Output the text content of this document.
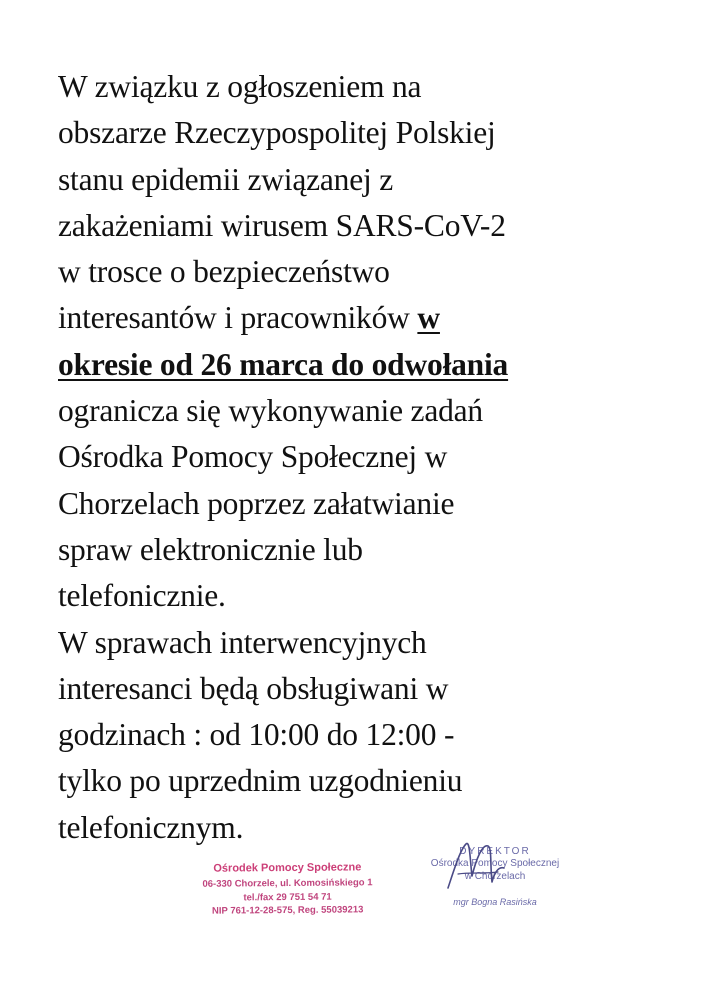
W związku z ogłoszeniem na
obszarze Rzeczypospolitej Polskiej
stanu epidemii związanej z
zakażeniami wirusem SARS-CoV-2
w trosce o bezpieczeństwo
interesantów i pracowników w
okresie od 26 marca do odwołania
ogranicza się wykonywanie zadań
Ośrodka Pomocy Społecznej w
Chorzelach poprzez załatwianie
spraw elektronicznie lub
telefonicznie.
W sprawach interwencyjnych
interesanci będą obsługiwani w
godzinach : od 10:00 do 12:00 -
tylko po uprzednim uzgodnieniu
telefonicznym.
Ośrodek Pomocy Społeczne
06-330 Chorzele, ul. Komosińskiego 1
tel./fax 29 751 54 71
NIP 761-12-28-575, Reg. 55039213
DYREKTOR
Ośrodka Pomocy Społecznej
w Chorzelach
mgr Bogna Rasińska
